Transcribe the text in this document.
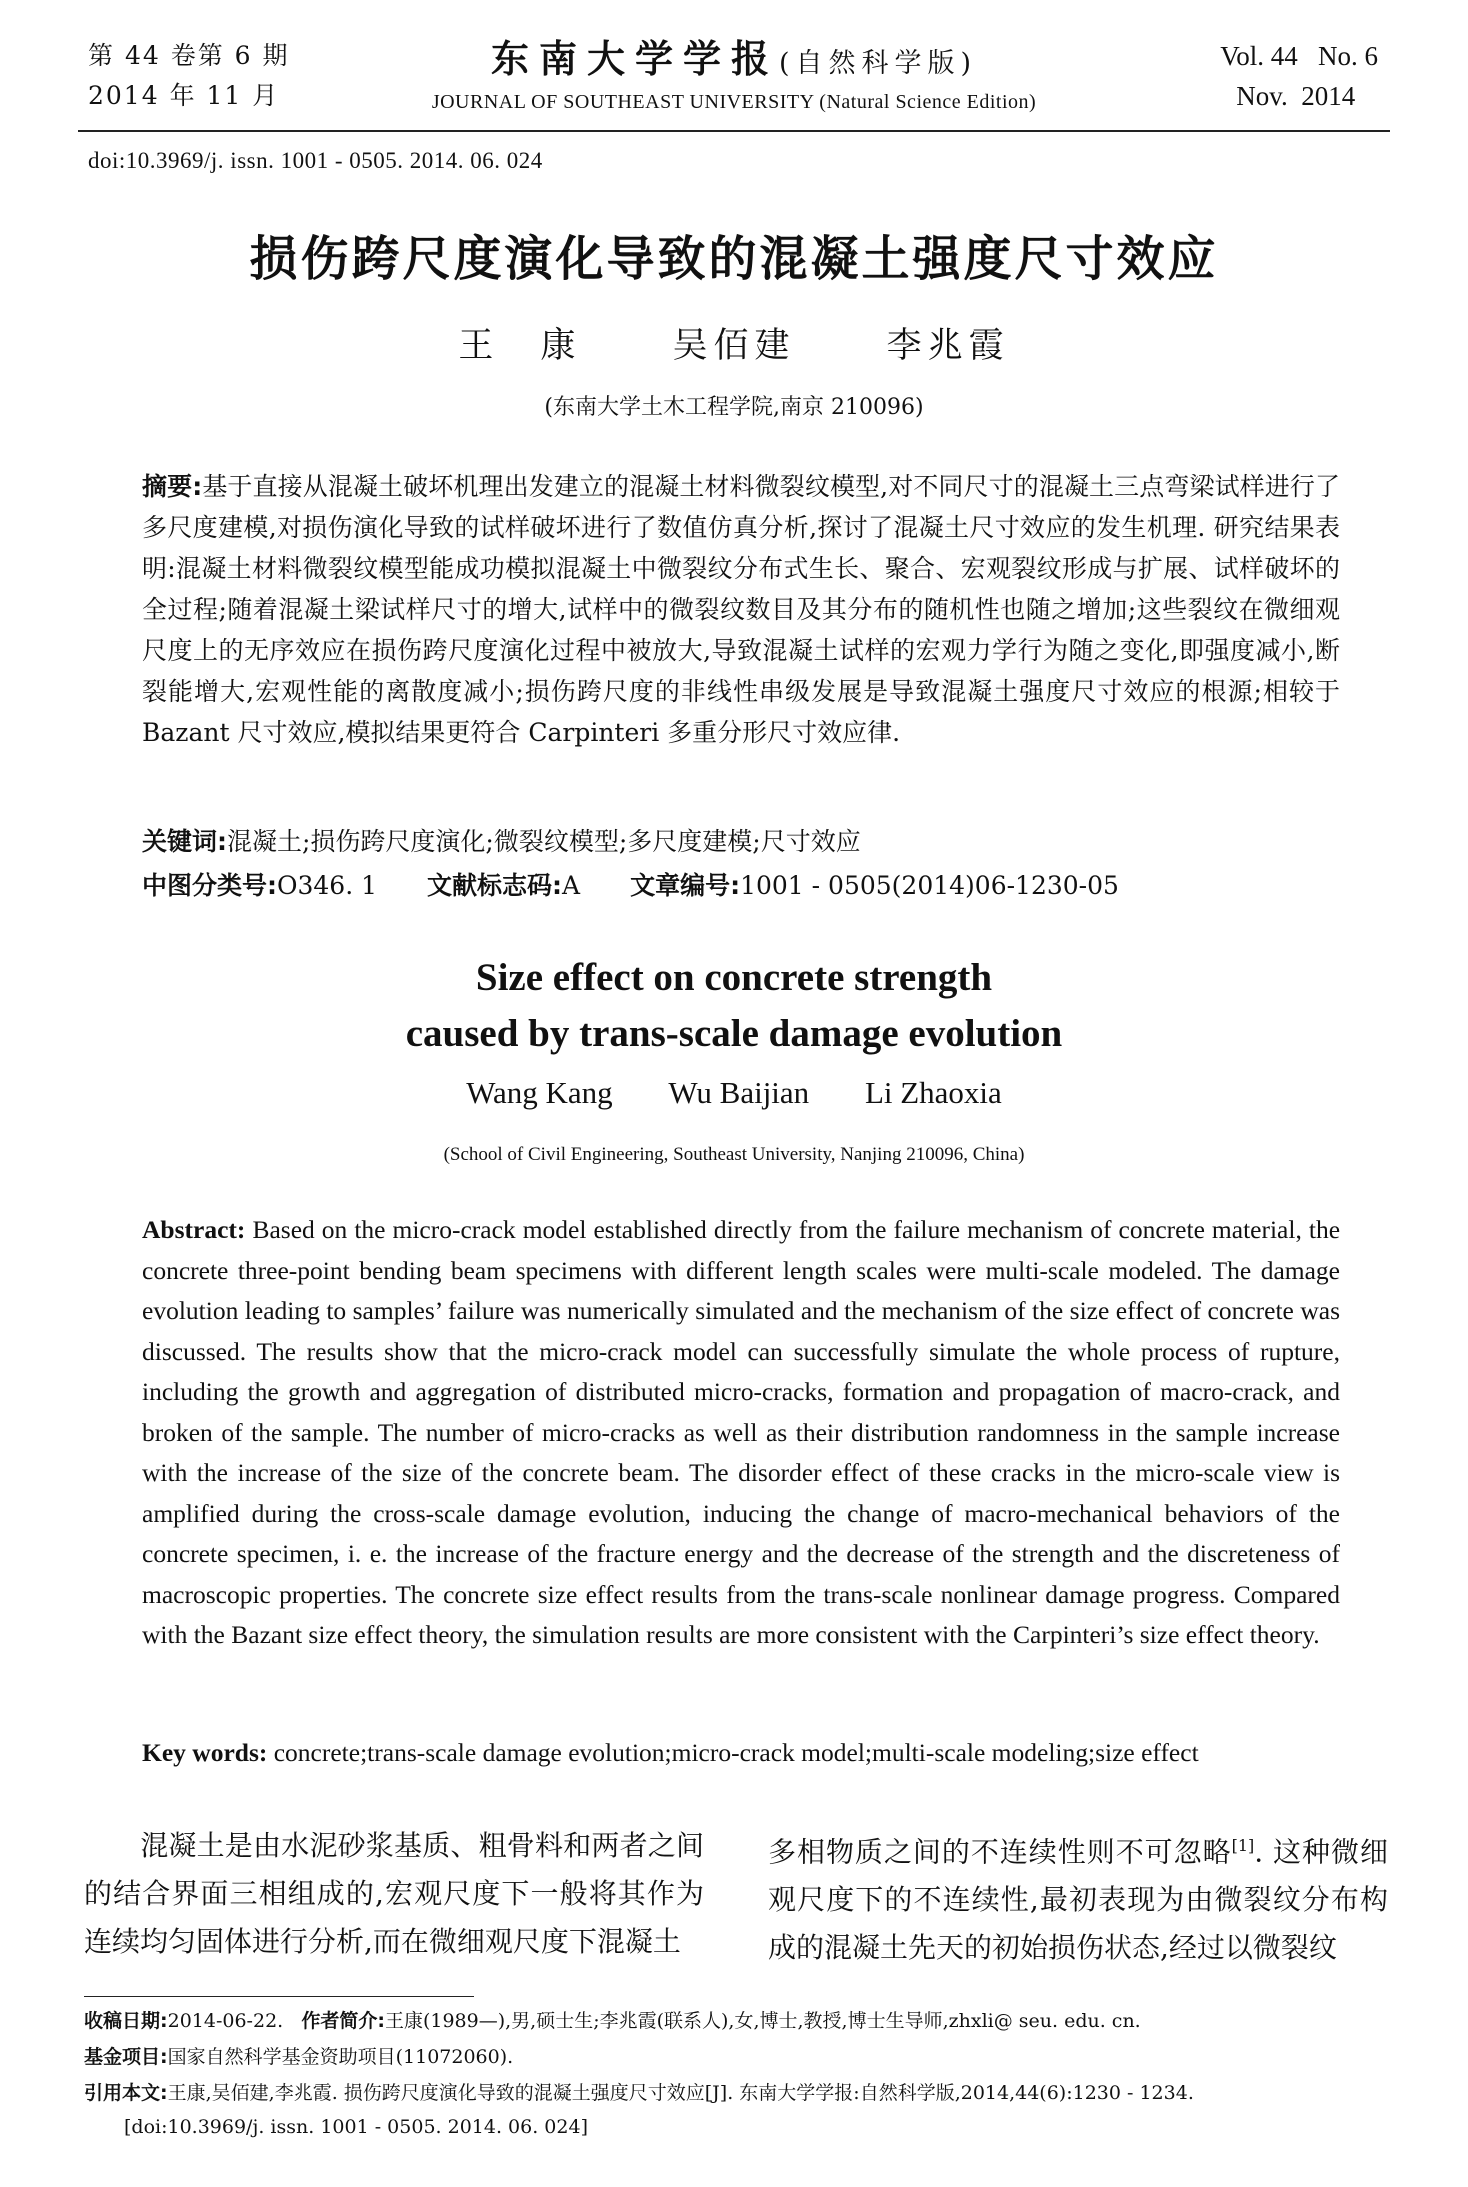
第 44 卷第 6 期
2014 年 11 月
东南大学学报(自然科学版)
JOURNAL OF SOUTHEAST UNIVERSITY (Natural Science Edition)
Vol. 44   No. 6
Nov.  2014
doi:10.3969/j. issn. 1001 - 0505. 2014. 06. 024
损伤跨尺度演化导致的混凝土强度尺寸效应
王　康	吴佰建	李兆霞
(东南大学土木工程学院,南京 210096)
摘要:基于直接从混凝土破坏机理出发建立的混凝土材料微裂纹模型,对不同尺寸的混凝土三点弯梁试样进行了多尺度建模,对损伤演化导致的试样破坏进行了数值仿真分析,探讨了混凝土尺寸效应的发生机理. 研究结果表明:混凝土材料微裂纹模型能成功模拟混凝土中微裂纹分布式生长、聚合、宏观裂纹形成与扩展、试样破坏的全过程;随着混凝土梁试样尺寸的增大,试样中的微裂纹数目及其分布的随机性也随之增加;这些裂纹在微细观尺度上的无序效应在损伤跨尺度演化过程中被放大,导致混凝土试样的宏观力学行为随之变化,即强度减小,断裂能增大,宏观性能的离散度减小;损伤跨尺度的非线性串级发展是导致混凝土强度尺寸效应的根源;相较于 Bazant 尺寸效应,模拟结果更符合 Carpinteri 多重分形尺寸效应律.
关键词:混凝土;损伤跨尺度演化;微裂纹模型;多尺度建模;尺寸效应
中图分类号:O346. 1 文献标志码:A 文章编号:1001 - 0505(2014)06-1230-05
Size effect on concrete strength
caused by trans-scale damage evolution
Wang Kang Wu Baijian Li Zhaoxia
(School of Civil Engineering, Southeast University, Nanjing 210096, China)
Abstract: Based on the micro-crack model established directly from the failure mechanism of concrete material, the concrete three-point bending beam specimens with different length scales were multi-scale modeled. The damage evolution leading to samples’ failure was numerically simulated and the mechanism of the size effect of concrete was discussed. The results show that the micro-crack model can successfully simulate the whole process of rupture, including the growth and aggregation of distributed micro-cracks, formation and propagation of macro-crack, and broken of the sample. The number of micro-cracks as well as their distribution randomness in the sample increase with the increase of the size of the concrete beam. The disorder effect of these cracks in the micro-scale view is amplified during the cross-scale damage evolution, inducing the change of macro-mechanical behaviors of the concrete specimen, i. e. the increase of the fracture energy and the decrease of the strength and the discreteness of macroscopic properties. The concrete size effect results from the trans-scale nonlinear damage progress. Compared with the Bazant size effect theory, the simulation results are more consistent with the Carpinteri’s size effect theory.
Key words: concrete;trans-scale damage evolution;micro-crack model;multi-scale modeling;size effect
混凝土是由水泥砂浆基质、粗骨料和两者之间的结合界面三相组成的,宏观尺度下一般将其作为连续均匀固体进行分析,而在微细观尺度下混凝土
多相物质之间的不连续性则不可忽略[1]. 这种微细观尺度下的不连续性,最初表现为由微裂纹分布构成的混凝土先天的初始损伤状态,经过以微裂纹
收稿日期:2014-06-22. 作者简介:王康(1989—),男,硕士生;李兆霞(联系人),女,博士,教授,博士生导师,zhxli@ seu. edu. cn.
基金项目:国家自然科学基金资助项目(11072060).
引用本文:王康,吴佰建,李兆霞. 损伤跨尺度演化导致的混凝土强度尺寸效应[J]. 东南大学学报:自然科学版,2014,44(6):1230 - 1234.
[doi:10.3969/j. issn. 1001 - 0505. 2014. 06. 024]
